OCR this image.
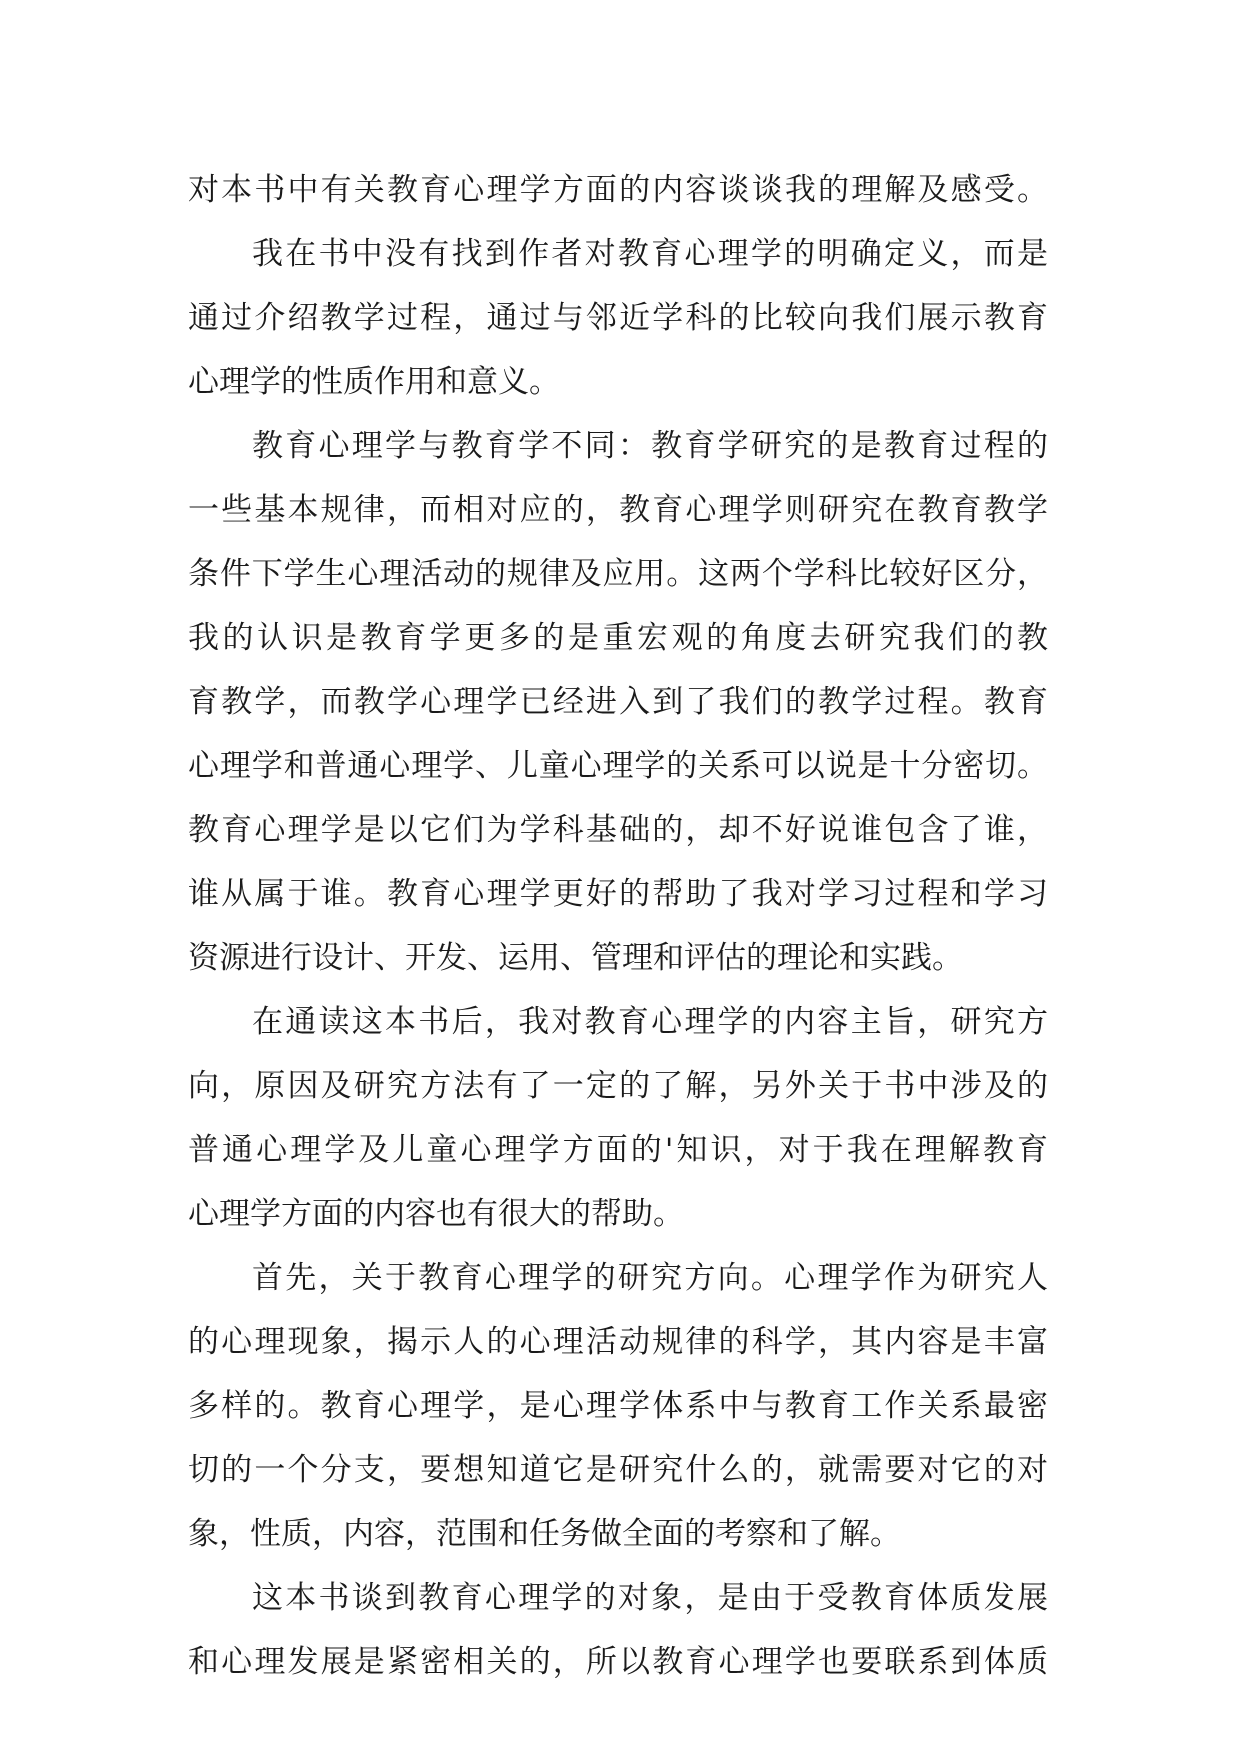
对本书中有关教育心理学方面的内容谈谈我的理解及感受。
我在书中没有找到作者对教育心理学的明确定义，而是
通过介绍教学过程，通过与邻近学科的比较向我们展示教育
心理学的性质作用和意义。
教育心理学与教育学不同：教育学研究的是教育过程的
一些基本规律，而相对应的，教育心理学则研究在教育教学
条件下学生心理活动的规律及应用。这两个学科比较好区分，
我的认识是教育学更多的是重宏观的角度去研究我们的教
育教学，而教学心理学已经进入到了我们的教学过程。教育
心理学和普通心理学、儿童心理学的关系可以说是十分密切。
教育心理学是以它们为学科基础的，却不好说谁包含了谁，
谁从属于谁。教育心理学更好的帮助了我对学习过程和学习
资源进行设计、开发、运用、管理和评估的理论和实践。
在通读这本书后，我对教育心理学的内容主旨，研究方
向，原因及研究方法有了一定的了解，另外关于书中涉及的
普通心理学及儿童心理学方面的'知识，对于我在理解教育
心理学方面的内容也有很大的帮助。
首先，关于教育心理学的研究方向。心理学作为研究人
的心理现象，揭示人的心理活动规律的科学，其内容是丰富
多样的。教育心理学，是心理学体系中与教育工作关系最密
切的一个分支，要想知道它是研究什么的，就需要对它的对
象，性质，内容，范围和任务做全面的考察和了解。
这本书谈到教育心理学的对象，是由于受教育体质发展
和心理发展是紧密相关的，所以教育心理学也要联系到体质
